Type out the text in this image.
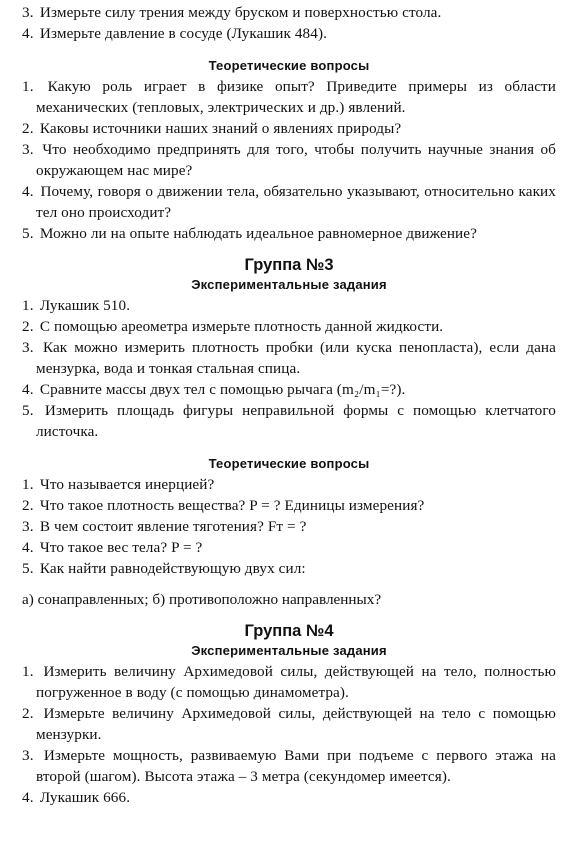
3. Измерьте силу трения между бруском и поверхностью стола.
4. Измерьте давление в сосуде (Лукашик 484).
Теоретические вопросы
1. Какую роль играет в физике опыт? Приведите примеры из области механических (тепловых, электрических и др.) явлений.
2. Каковы источники наших знаний о явлениях природы?
3. Что необходимо предпринять для того, чтобы получить научные знания об окружающем нас мире?
4. Почему, говоря о движении тела, обязательно указывают, относительно каких тел оно происходит?
5. Можно ли на опыте наблюдать идеальное равномерное движение?
Группа №3
Экспериментальные задания
1. Лукашик 510.
2. С помощью ареометра измерьте плотность данной жидкости.
3. Как можно измерить плотность пробки (или куска пенопласта), если дана мензурка, вода и тонкая стальная спица.
4. Сравните массы двух тел с помощью рычага (m₂/m₁=?).
5. Измерить площадь фигуры неправильной формы с помощью клетчатого листочка.
Теоретические вопросы
1. Что называется инерцией?
2. Что такое плотность вещества? P = ? Единицы измерения?
3. В чем состоит явление тяготения? Fт = ?
4. Что такое вес тела? P = ?
5. Как найти равнодействующую двух сил:
а) сонаправленных; б) противоположно направленных?
Группа №4
Экспериментальные задания
1. Измерить величину Архимедовой силы, действующей на тело, полностью погруженное в воду (с помощью динамометра).
2. Измерьте величину Архимедовой силы, действующей на тело с помощью мензурки.
3. Измерьте мощность, развиваемую Вами при подъеме с первого этажа на второй (шагом). Высота этажа – 3 метра (секундомер имеется).
4. Лукашик 666.
